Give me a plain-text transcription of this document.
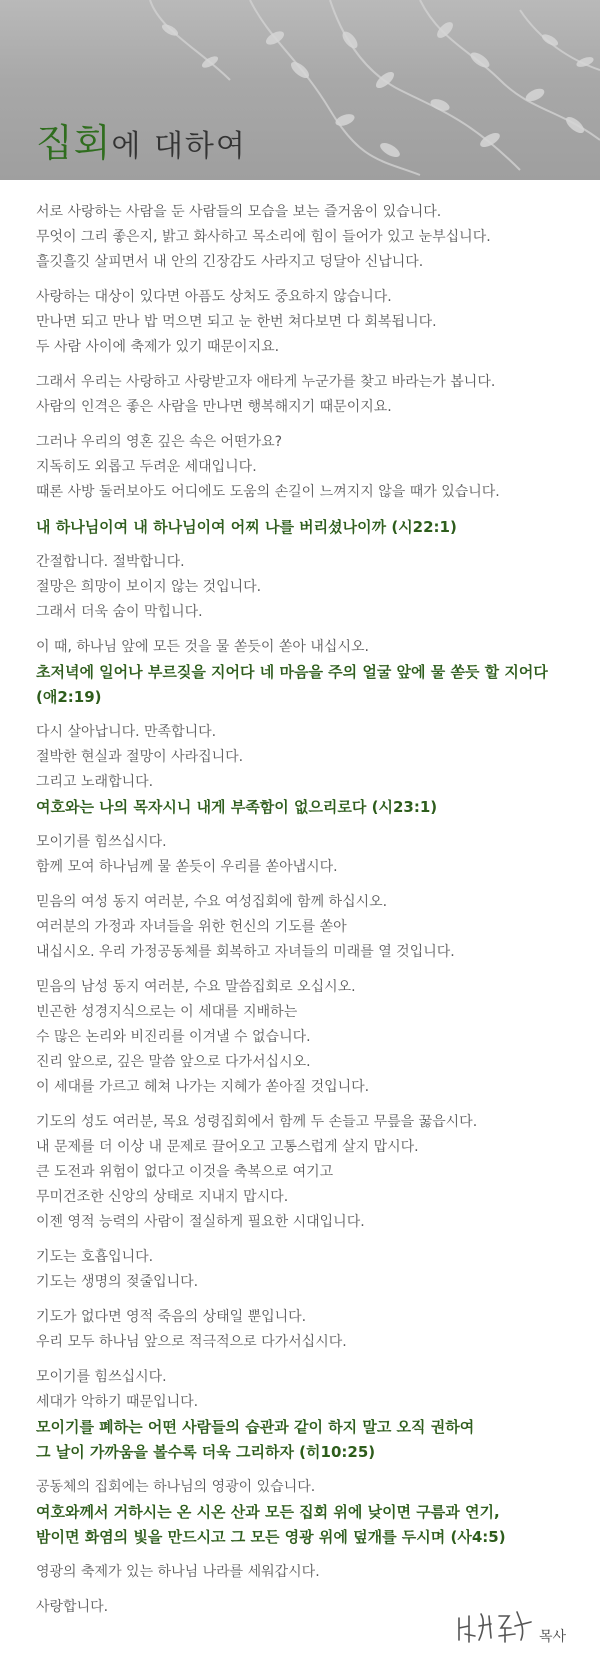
집회에 대하여
서로 사랑하는 사람을 둔 사람들의 모습을 보는 즐거움이 있습니다.
무엇이 그리 좋은지, 밝고 화사하고 목소리에 힘이 들어가 있고 눈부십니다.
흘깃흘깃 살피면서 내 안의 긴장감도 사라지고 덩달아 신납니다.
사랑하는 대상이 있다면 아픔도 상처도 중요하지 않습니다.
만나면 되고 만나 밥 먹으면 되고 눈 한번 쳐다보면 다 회복됩니다.
두 사람 사이에 축제가 있기 때문이지요.
그래서 우리는 사랑하고 사랑받고자 애타게 누군가를 찾고 바라는가 봅니다.
사람의 인격은 좋은 사람을 만나면 행복해지기 때문이지요.
그러나 우리의 영혼 깊은 속은 어떤가요?
지독히도 외롭고 두려운 세대입니다.
때론 사방 둘러보아도 어디에도 도움의 손길이 느껴지지 않을 때가 있습니다.
내 하나님이여 내 하나님이여 어찌 나를 버리셨나이까 (시22:1)
간절합니다. 절박합니다.
절망은 희망이 보이지 않는 것입니다.
그래서 더욱 숨이 막힙니다.
이 때, 하나님 앞에 모든 것을 물 쏟듯이 쏟아 내십시오.
초저녁에 일어나 부르짖을 지어다 네 마음을 주의 얼굴 앞에 물 쏟듯 할 지어다
(애2:19)
다시 살아납니다. 만족합니다.
절박한 현실과 절망이 사라집니다.
그리고 노래합니다.
여호와는 나의 목자시니 내게 부족함이 없으리로다 (시23:1)
모이기를 힘쓰십시다.
함께 모여 하나님께 물 쏟듯이 우리를 쏟아냅시다.
믿음의 여성 동지 여러분, 수요 여성집회에 함께 하십시오.
여러분의 가정과 자녀들을 위한 헌신의 기도를 쏟아
내십시오. 우리 가정공동체를 회복하고 자녀들의 미래를 열 것입니다.
믿음의 남성 동지 여러분, 수요 말씀집회로 오십시오.
빈곤한 성경지식으로는 이 세대를 지배하는
수 많은 논리와 비진리를 이겨낼 수 없습니다.
진리 앞으로, 깊은 말씀 앞으로 다가서십시오.
이 세대를 가르고 헤쳐 나가는 지혜가 쏟아질 것입니다.
기도의 성도 여러분, 목요 성령집회에서 함께 두 손들고 무릎을 꿇읍시다.
내 문제를 더 이상 내 문제로 끌어오고 고통스럽게 살지 맙시다.
큰 도전과 위험이 없다고 이것을 축복으로 여기고
무미건조한 신앙의 상태로 지내지 맙시다.
이젠 영적 능력의 사람이 절실하게 필요한 시대입니다.
기도는 호흡입니다.
기도는 생명의 젖줄입니다.
기도가 없다면 영적 죽음의 상태일 뿐입니다.
우리 모두 하나님 앞으로 적극적으로 다가서십시다.
모이기를 힘쓰십시다.
세대가 악하기 때문입니다.
모이기를 폐하는 어떤 사람들의 습관과 같이 하지 말고 오직 권하여
그 날이 가까움을 볼수록 더욱 그리하자 (히10:25)
공동체의 집회에는 하나님의 영광이 있습니다.
여호와께서 거하시는 온 시온 산과 모든 집회 위에 낮이면 구름과 연기,
밤이면 화염의 빛을 만드시고 그 모든 영광 위에 덮개를 두시며 (사4:5)
영광의 축제가 있는 하나님 나라를 세워갑시다.
사랑합니다.
목사
